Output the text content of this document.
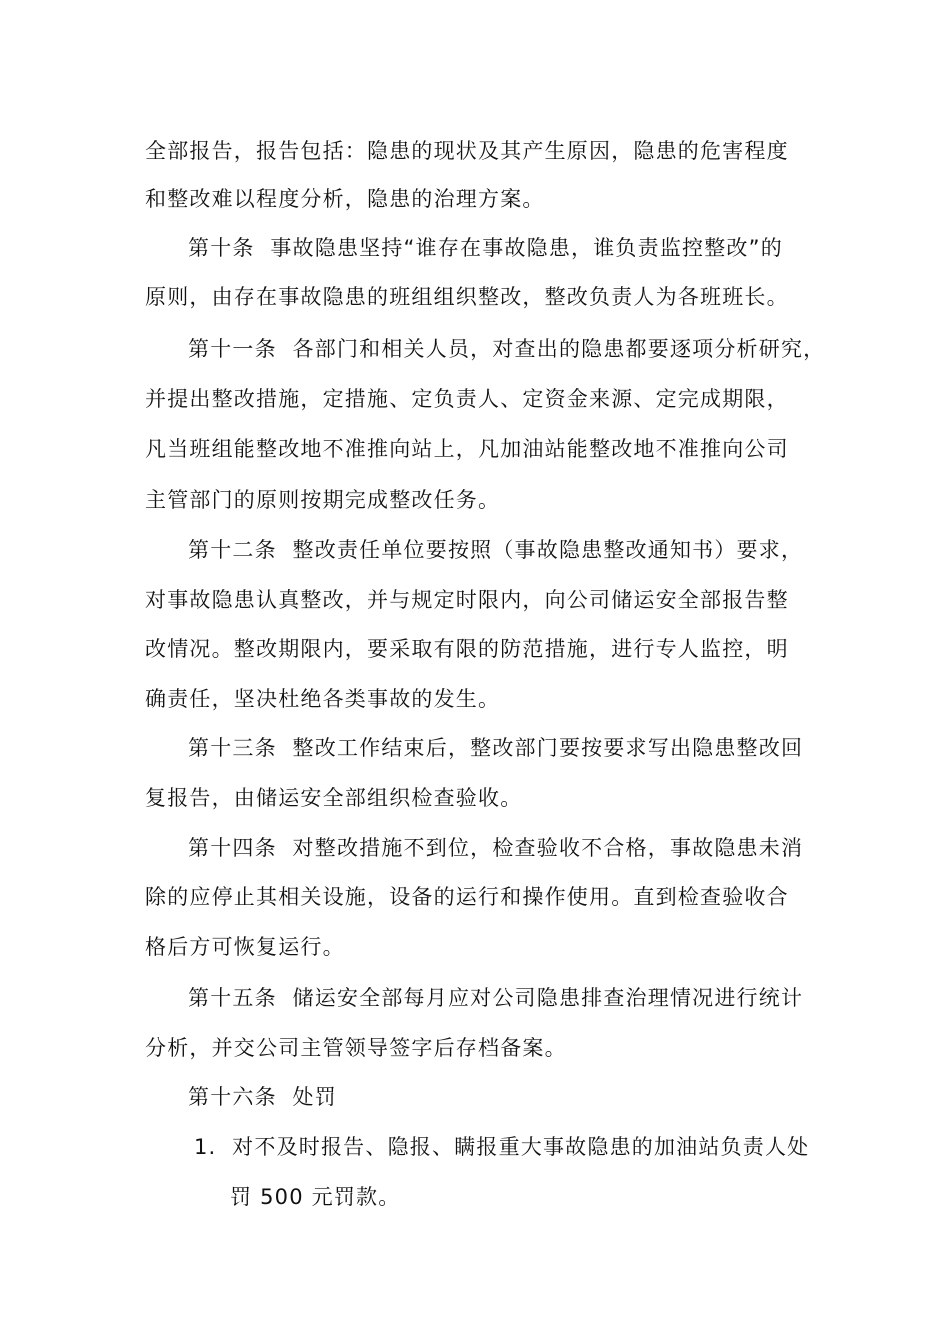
全部报告，报告包括：隐患的现状及其产生原因，隐患的危害程度
和整改难以程度分析，隐患的治理方案。
第十条  事故隐患坚持“谁存在事故隐患，谁负责监控整改”的
原则，由存在事故隐患的班组组织整改，整改负责人为各班班长。
第十一条  各部门和相关人员，对查出的隐患都要逐项分析研究，
并提出整改措施，定措施、定负责人、定资金来源、定完成期限，
凡当班组能整改地不准推向站上，凡加油站能整改地不准推向公司
主管部门的原则按期完成整改任务。
第十二条  整改责任单位要按照（事故隐患整改通知书）要求，
对事故隐患认真整改，并与规定时限内，向公司储运安全部报告整
改情况。整改期限内，要采取有限的防范措施，进行专人监控，明
确责任，坚决杜绝各类事故的发生。
第十三条  整改工作结束后，整改部门要按要求写出隐患整改回
复报告，由储运安全部组织检查验收。
第十四条  对整改措施不到位，检查验收不合格，事故隐患未消
除的应停止其相关设施，设备的运行和操作使用。直到检查验收合
格后方可恢复运行。
第十五条  储运安全部每月应对公司隐患排查治理情况进行统计
分析，并交公司主管领导签字后存档备案。
第十六条  处罚
1.  对不及时报告、隐报、瞒报重大事故隐患的加油站负责人处
罚 500 元罚款。
